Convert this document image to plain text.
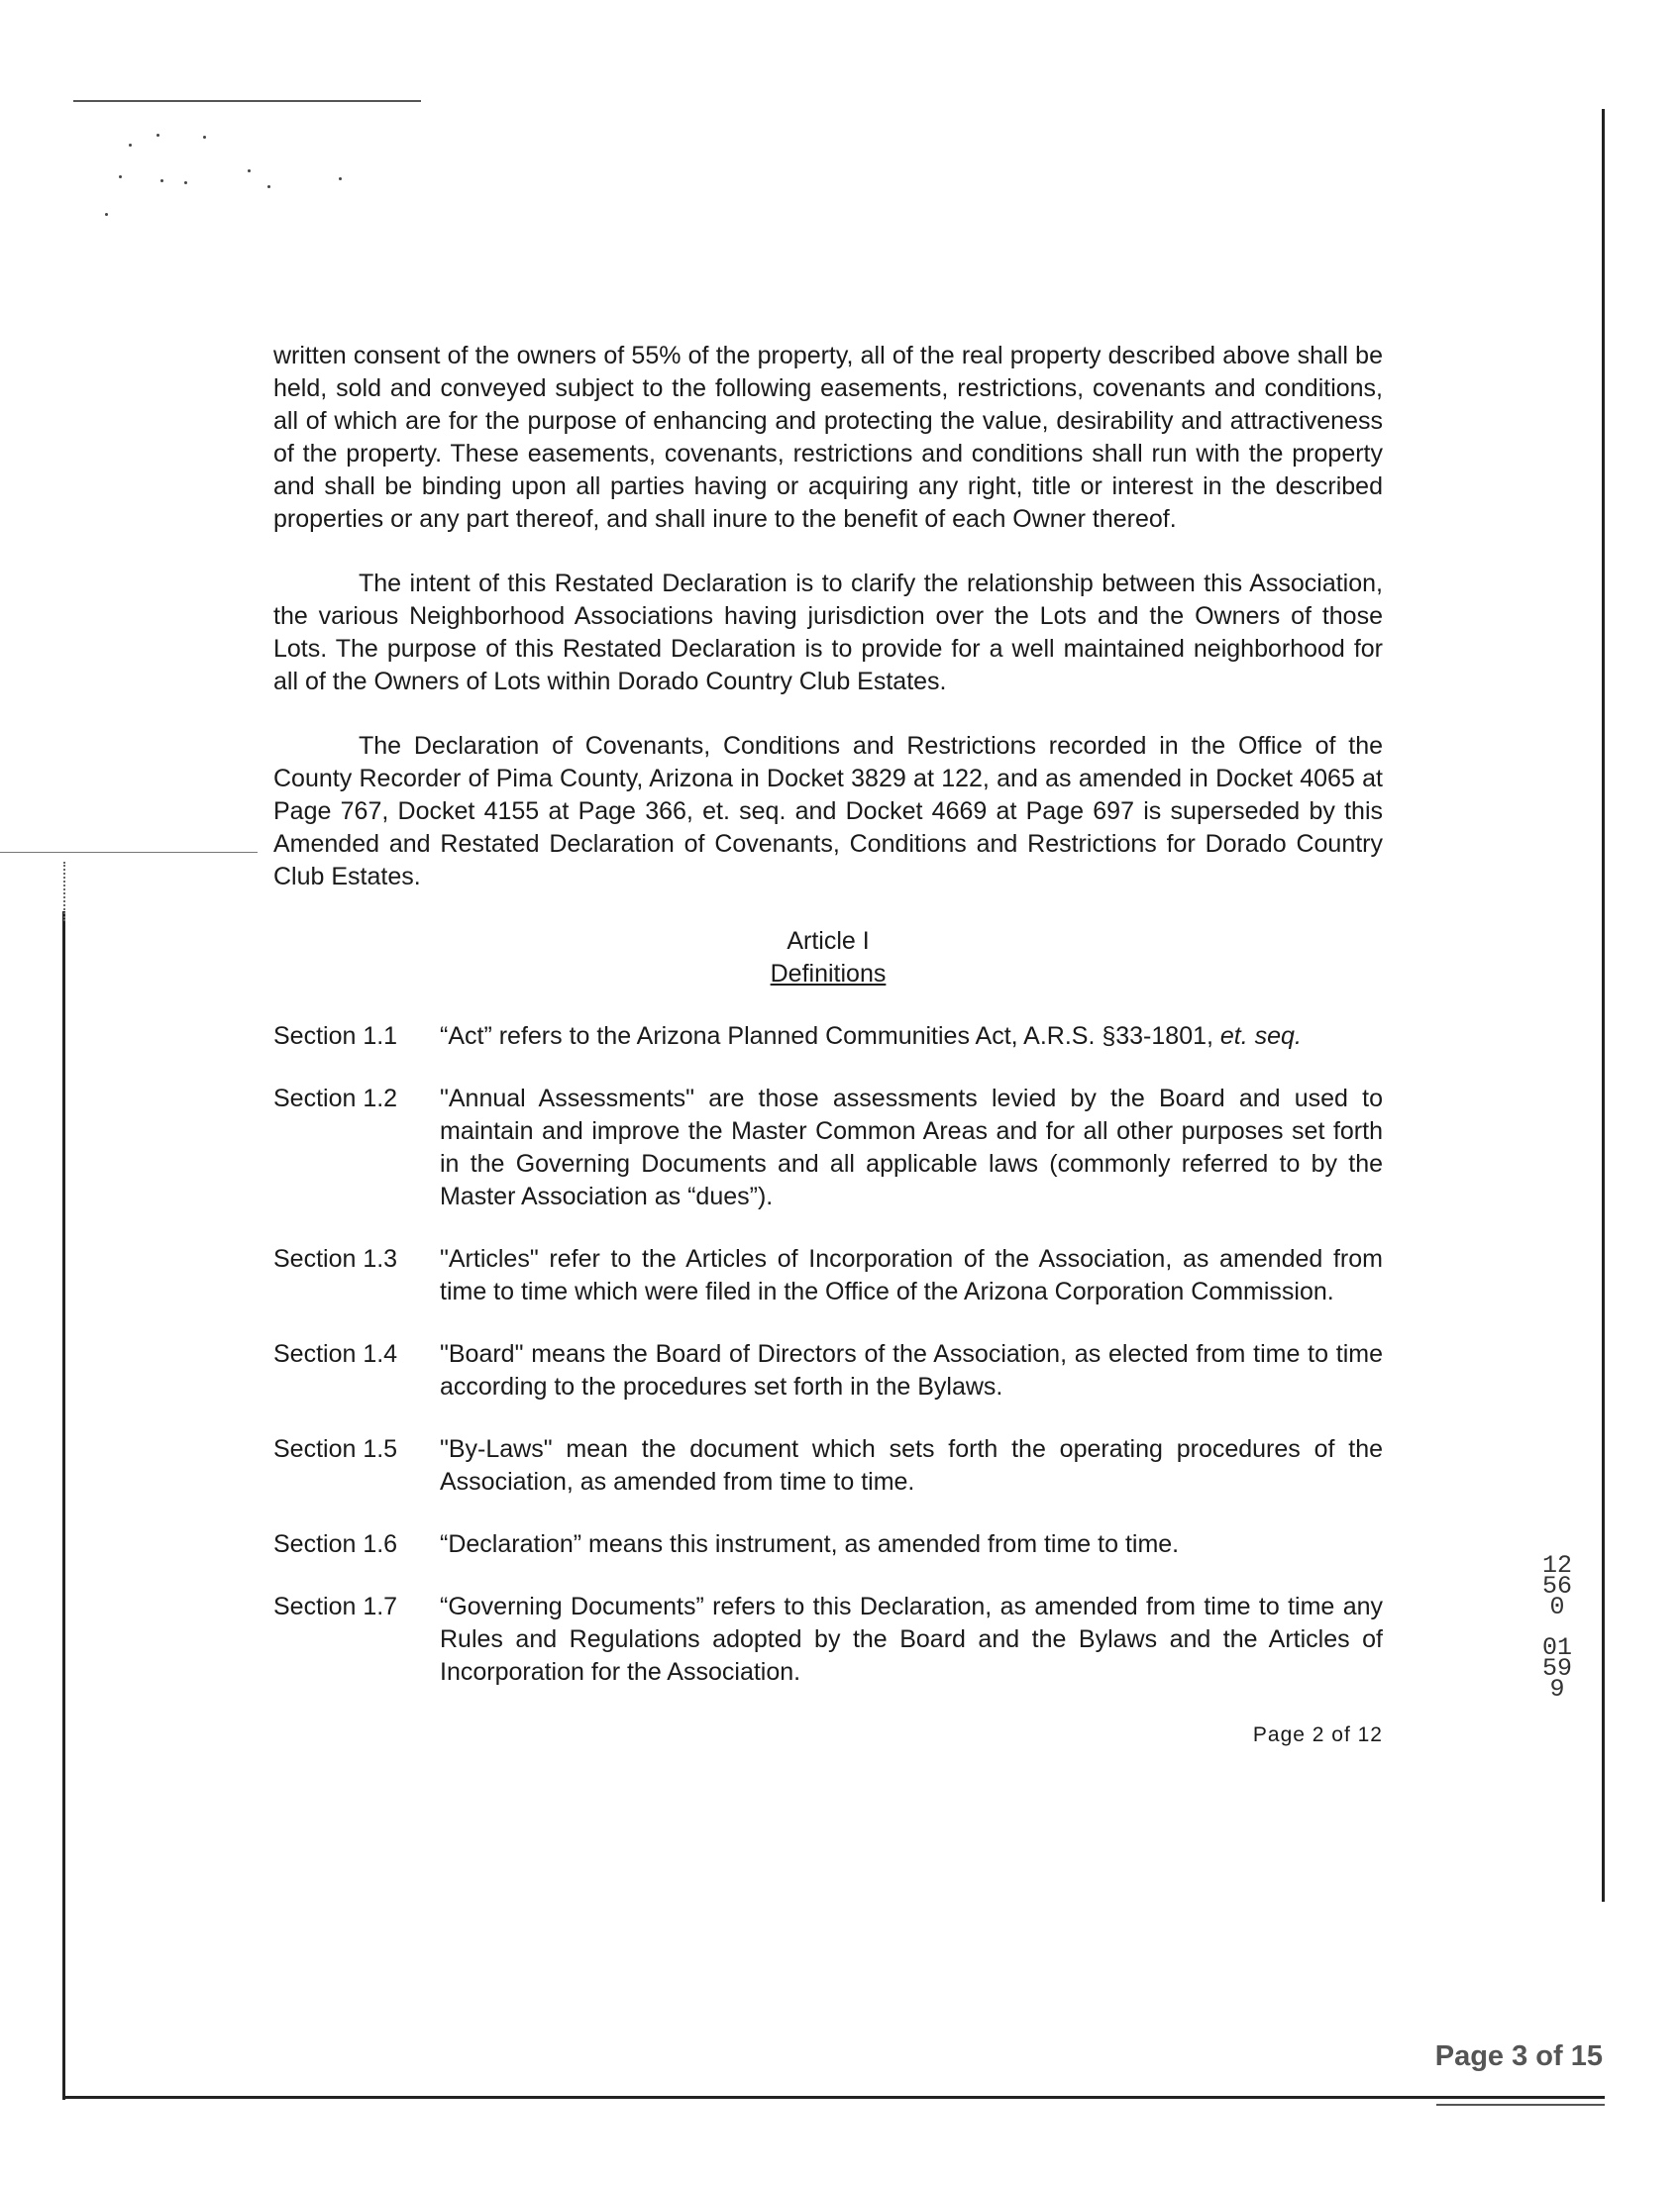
written consent of the owners of 55% of the property, all of the real property described above shall be held, sold and conveyed subject to the following easements, restrictions, covenants and conditions, all of which are for the purpose of enhancing and protecting the value, desirability and attractiveness of the property. These easements, covenants, restrictions and conditions shall run with the property and shall be binding upon all parties having or acquiring any right, title or interest in the described properties or any part thereof, and shall inure to the benefit of each Owner thereof.

The intent of this Restated Declaration is to clarify the relationship between this Association, the various Neighborhood Associations having jurisdiction over the Lots and the Owners of those Lots. The purpose of this Restated Declaration is to provide for a well maintained neighborhood for all of the Owners of Lots within Dorado Country Club Estates.

The Declaration of Covenants, Conditions and Restrictions recorded in the Office of the County Recorder of Pima County, Arizona in Docket 3829 at 122, and as amended in Docket 4065 at Page 767, Docket 4155 at Page 366, et. seq. and Docket 4669 at Page 697 is superseded by this Amended and Restated Declaration of Covenants, Conditions and Restrictions for Dorado Country Club Estates.

Article I
Definitions
Section 1.1	“Act” refers to the Arizona Planned Communities Act, A.R.S. §33-1801, et. seq.
Section 1.2	"Annual Assessments" are those assessments levied by the Board and used to maintain and improve the Master Common Areas and for all other purposes set forth in the Governing Documents and all applicable laws (commonly referred to by the Master Association as “dues”).
Section 1.3	"Articles" refer to the Articles of Incorporation of the Association, as amended from time to time which were filed in the Office of the Arizona Corporation Commission.
Section 1.4	"Board" means the Board of Directors of the Association, as elected from time to time according to the procedures set forth in the Bylaws.
Section 1.5	"By-Laws" mean the document which sets forth the operating procedures of the Association, as amended from time to time.
Section 1.6	“Declaration” means this instrument, as amended from time to time.
Section 1.7	“Governing Documents” refers to this Declaration, as amended from time to time any Rules and Regulations adopted by the Board and the Bylaws and the Articles of Incorporation for the Association.
Page 2 of 12
12560
01599
Page 3 of 15
